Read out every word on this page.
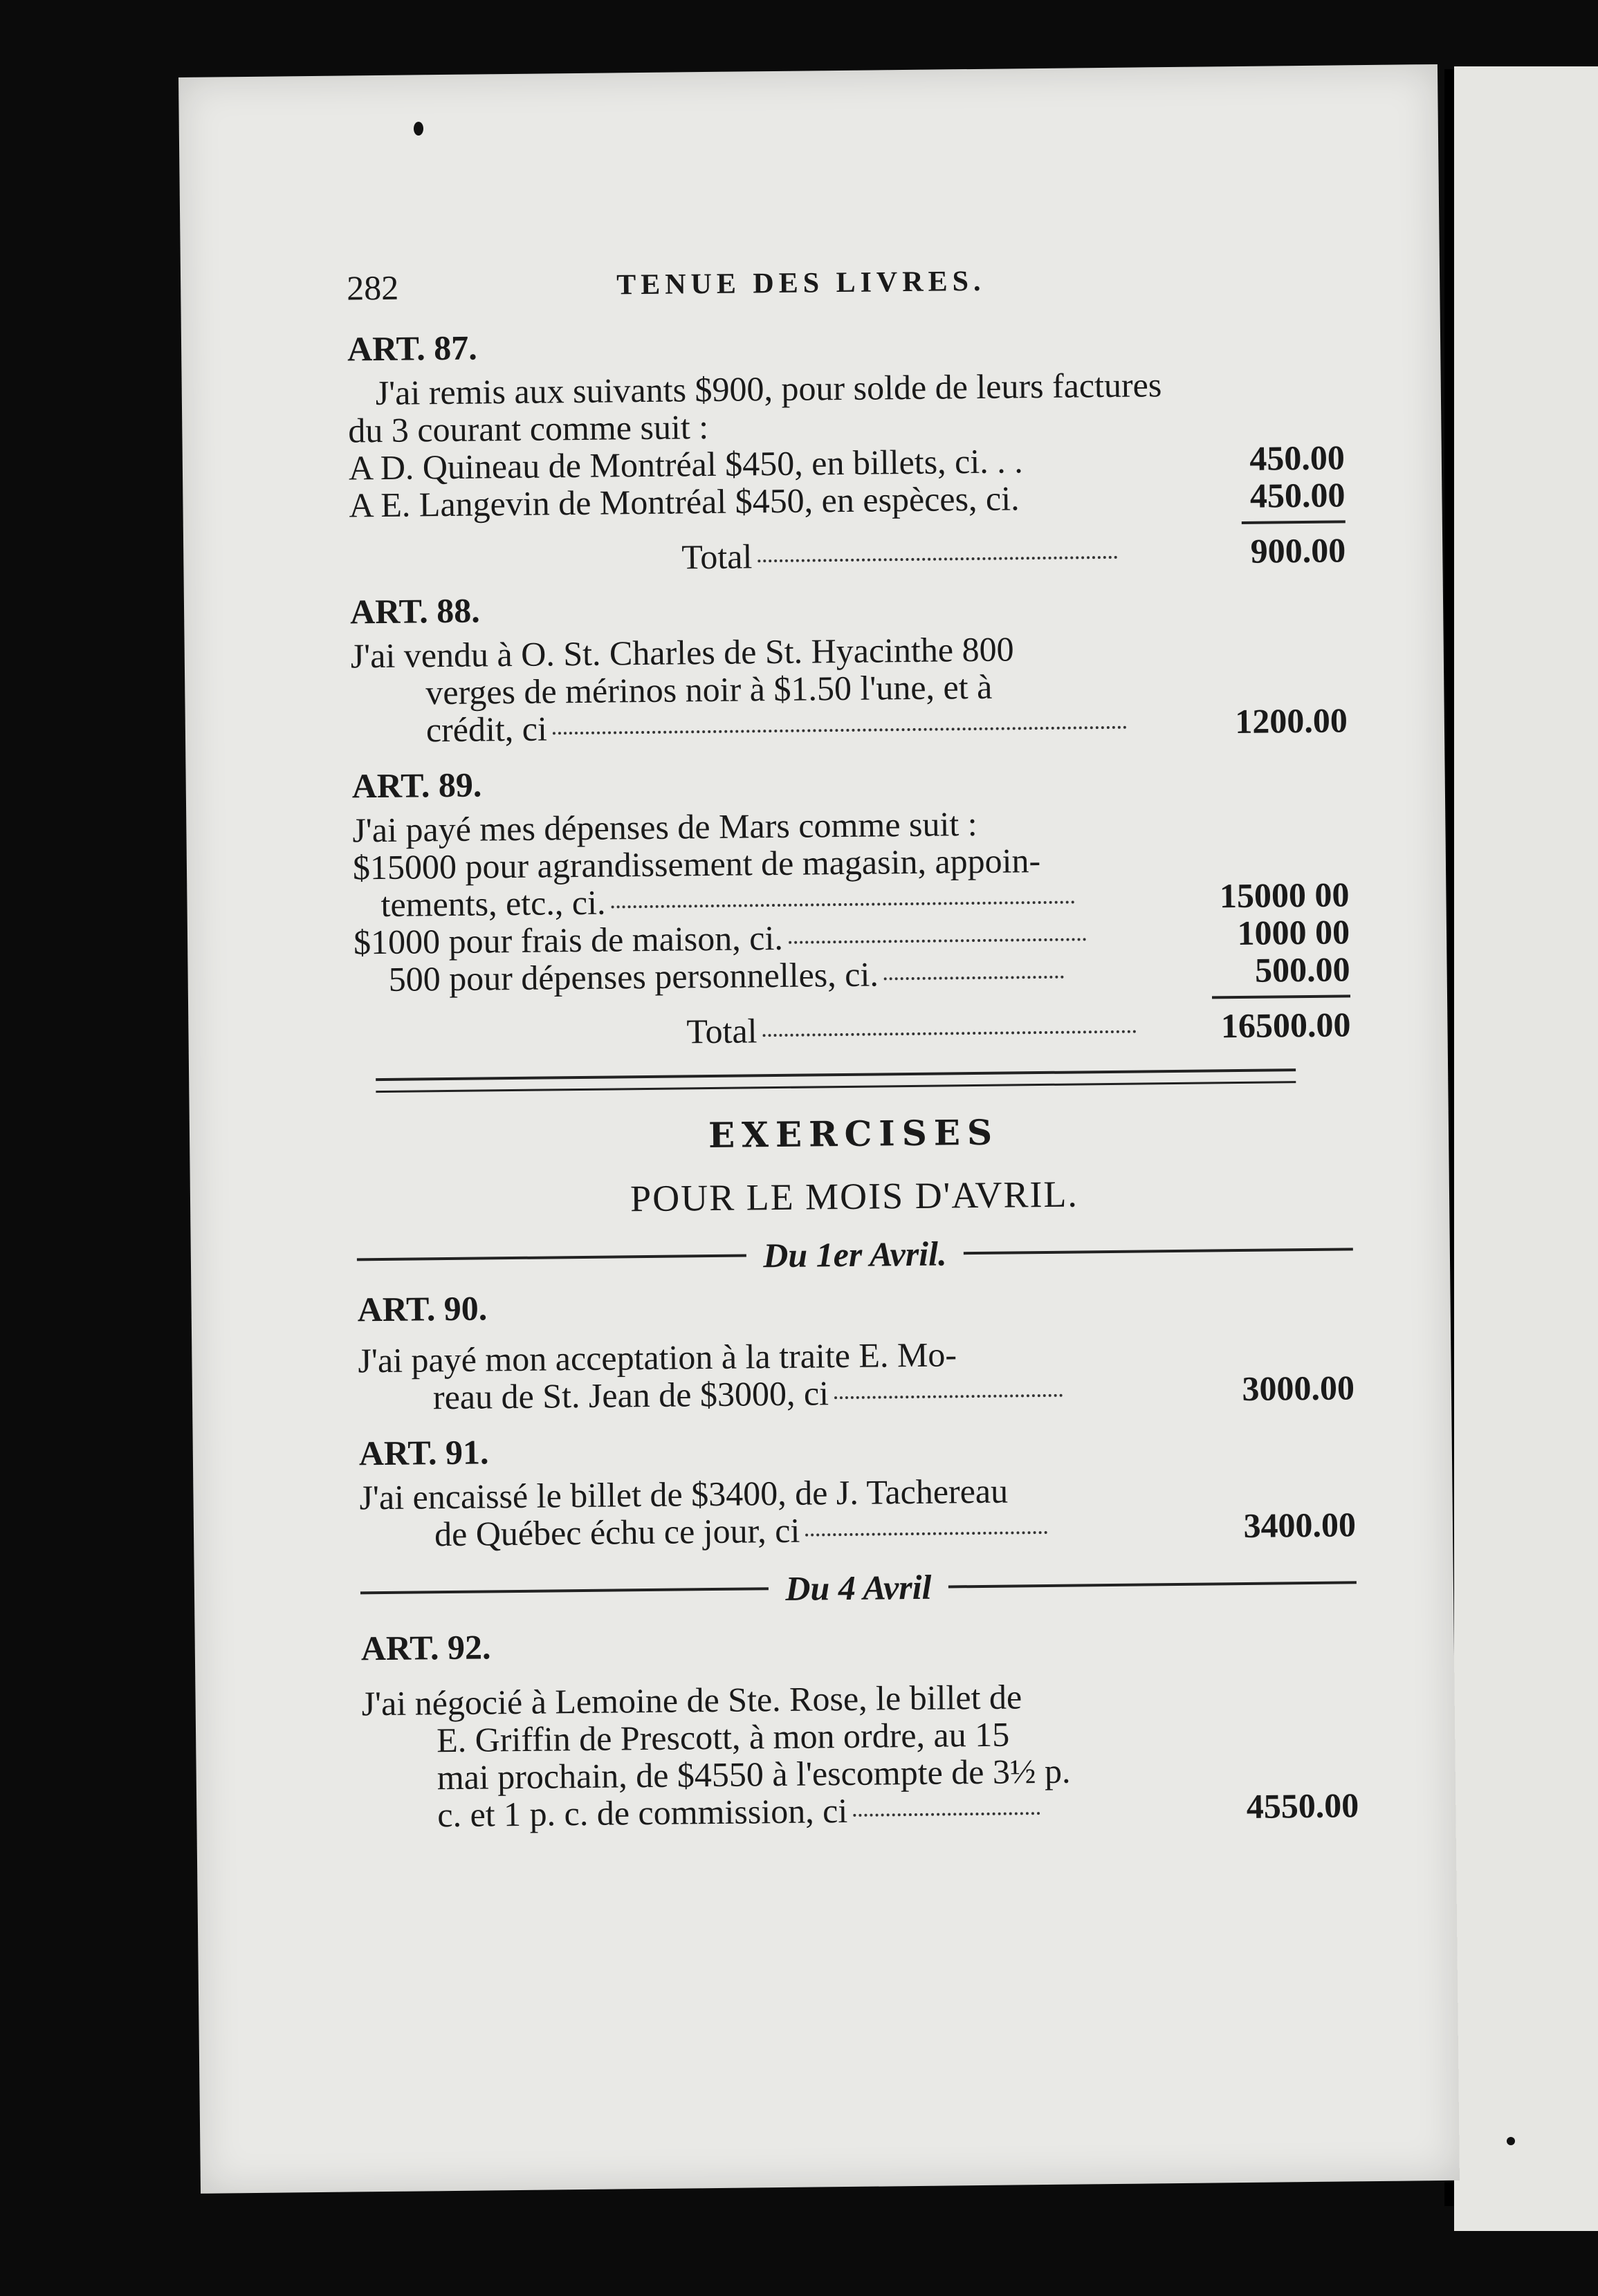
282	TENUE DES LIVRES.
ART. 87.
J'ai remis aux suivants $900, pour solde de leurs factures
du 3 courant comme suit :
A D. Quineau de Montréal $450, en billets, ci. . .	450.00
A E. Langevin de Montréal $450, en espèces, ci.	450.00
Total	900.00
ART. 88.
J'ai vendu à O. St. Charles de St. Hyacinthe 800
verges de mérinos noir à $1.50 l'une, et à
crédit, ci	1200.00
ART. 89.
J'ai payé mes dépenses de Mars comme suit :
$15000 pour agrandissement de magasin, appoin-
tements, etc., ci.	15000 00
$1000 pour frais de maison, ci.	1000 00
500 pour dépenses personnelles, ci.	500.00
Total	16500.00
EXERCISES
POUR LE MOIS D'AVRIL.
Du 1er Avril.
ART. 90.
J'ai payé mon acceptation à la traite E. Mo-
reau de St. Jean de $3000, ci	3000.00
ART. 91.
J'ai encaissé le billet de $3400, de J. Tachereau
de Québec échu ce jour, ci	3400.00
Du 4 Avril
ART. 92.
J'ai négocié à Lemoine de Ste. Rose, le billet de
E. Griffin de Prescott, à mon ordre, au 15
mai prochain, de $4550 à l'escompte de 3½ p.
c. et 1 p. c. de commission, ci	4550.00
